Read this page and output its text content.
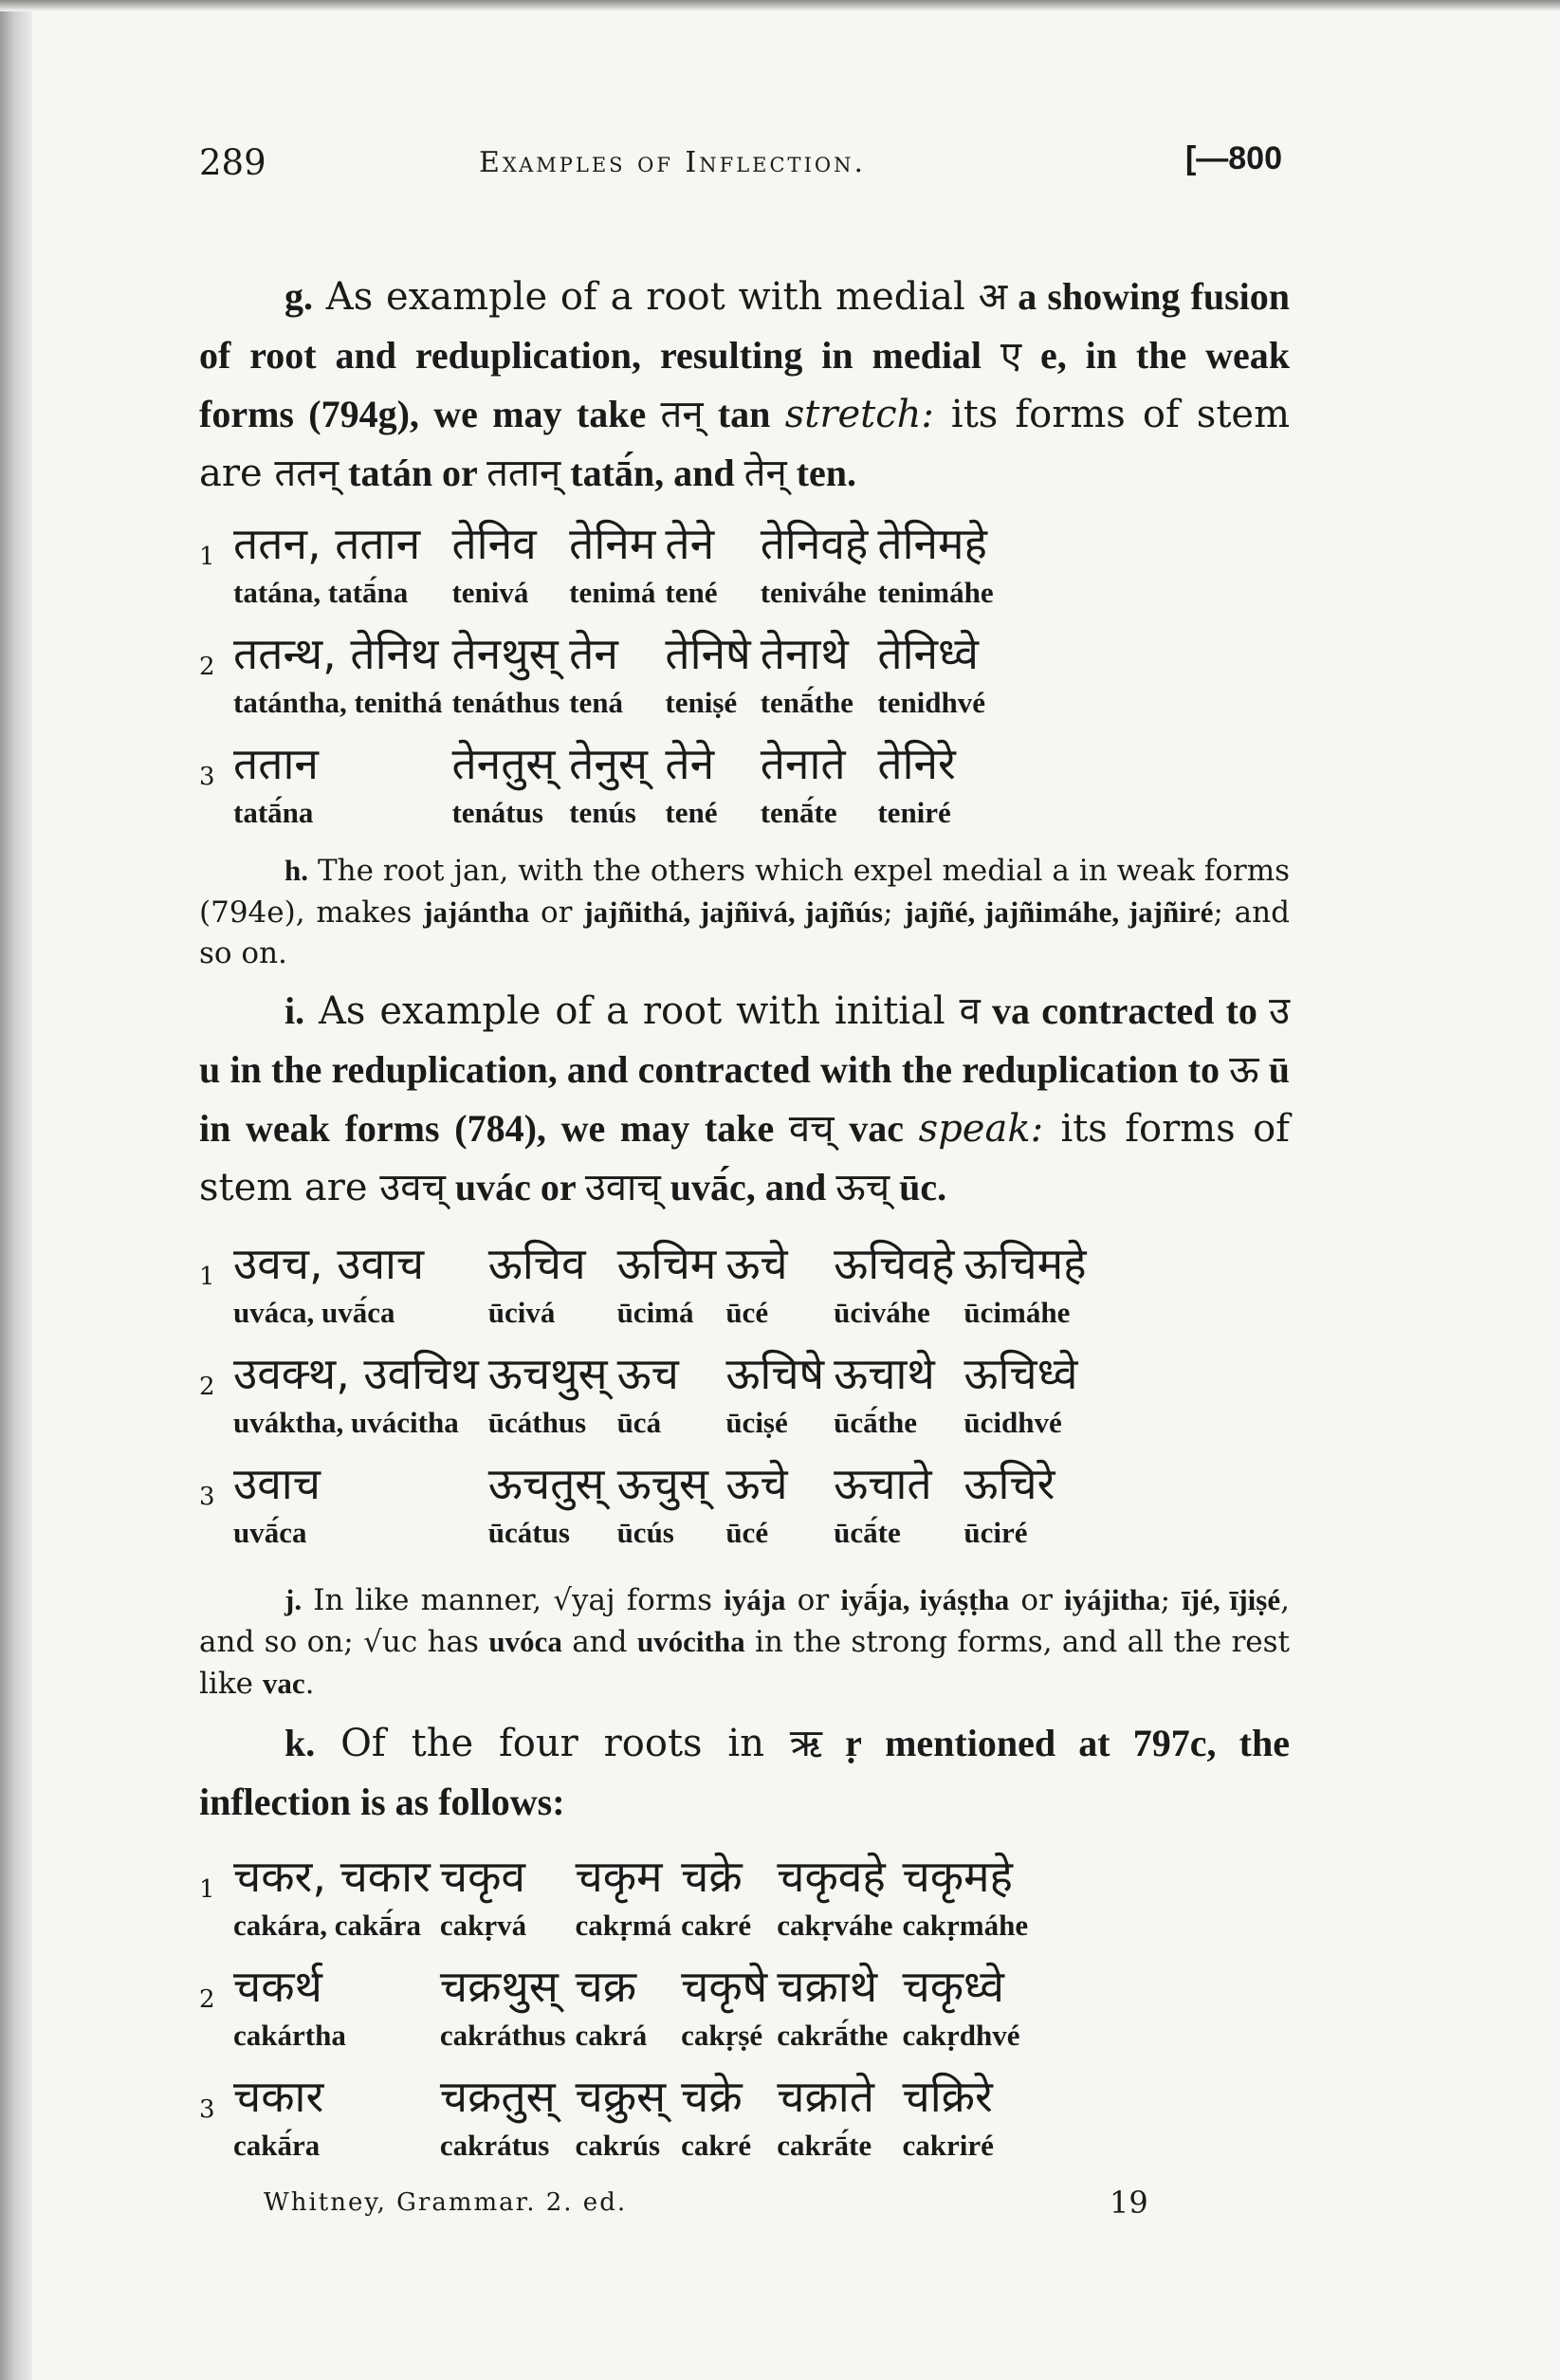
289	Examples of Inflection.	[—800

g. As example of a root with medial अ a showing fusion of root and reduplication, resulting in medial ए e, in the weak forms (794g), we may take तन् tan stretch: its forms of stem are ततन् tatán or ततान् tatā́n, and तेन् ten.

1	ततन, ततान	तेनिव	तेनिम	तेने	तेनिवहे	तेनिमहे
	tatána, tatā́na	tenivá	tenimá	tené	teniváhe	tenimáhe
2	ततन्थ, तेनिथ	तेनथुस्	तेन	तेनिषे	तेनाथे	तेनिध्वे
	tatántha, tenithá	tenáthus	tená	teniṣé	tenā́the	tenidhvé
3	ततान	तेनतुस्	तेनुस्	तेने	तेनाते	तेनिरे
	tatā́na	tenátus	tenús	tené	tenā́te	teniré

h. The root jan, with the others which expel medial a in weak forms (794e), makes jajántha or jajñithá, jajñivá, jajñús; jajñé, jajñimáhe, jajñiré; and so on.

i. As example of a root with initial व va contracted to उ u in the reduplication, and contracted with the reduplication to ऊ ū in weak forms (784), we may take वच् vac speak: its forms of stem are उवच् uvác or उवाच् uvā́c, and ऊच् ūc.

1	उवच, उवाच	ऊचिव	ऊचिम	ऊचे	ऊचिवहे	ऊचिमहे
	uváca, uvā́ca	ūcivá	ūcimá	ūcé	ūciváhe	ūcimáhe
2	उवक्थ, उवचिथ	ऊचथुस्	ऊच	ऊचिषे	ऊचाथे	ऊचिध्वे
	uváktha, uvácitha	ūcáthus	ūcá	ūciṣé	ūcā́the	ūcidhvé
3	उवाच	ऊचतुस्	ऊचुस्	ऊचे	ऊचाते	ऊचिरे
	uvā́ca	ūcátus	ūcús	ūcé	ūcā́te	ūciré

j. In like manner, √yaj forms iyája or iyā́ja, iyáṣṭha or iyájitha; ījé, ījiṣé, and so on; √uc has uvóca and uvócitha in the strong forms, and all the rest like vac.

k. Of the four roots in ऋ ṛ mentioned at 797c, the inflection is as follows:

1	चकर, चकार	चकृव	चकृम	चक्रे	चकृवहे	चकृमहे
	cakára, cakā́ra	cakṛvá	cakṛmá	cakré	cakṛváhe	cakṛmáhe
2	चकर्थ	चक्रथुस्	चक्र	चकृषे	चक्राथे	चकृध्वे
	cakártha	cakráthus	cakrá	cakṛṣé	cakrā́the	cakṛdhvé
3	चकार	चक्रतुस्	चक्रुस्	चक्रे	चक्राते	चक्रिरे
	cakā́ra	cakrátus	cakrús	cakré	cakrā́te	cakriré
Whitney, Grammar. 2. ed.	19
